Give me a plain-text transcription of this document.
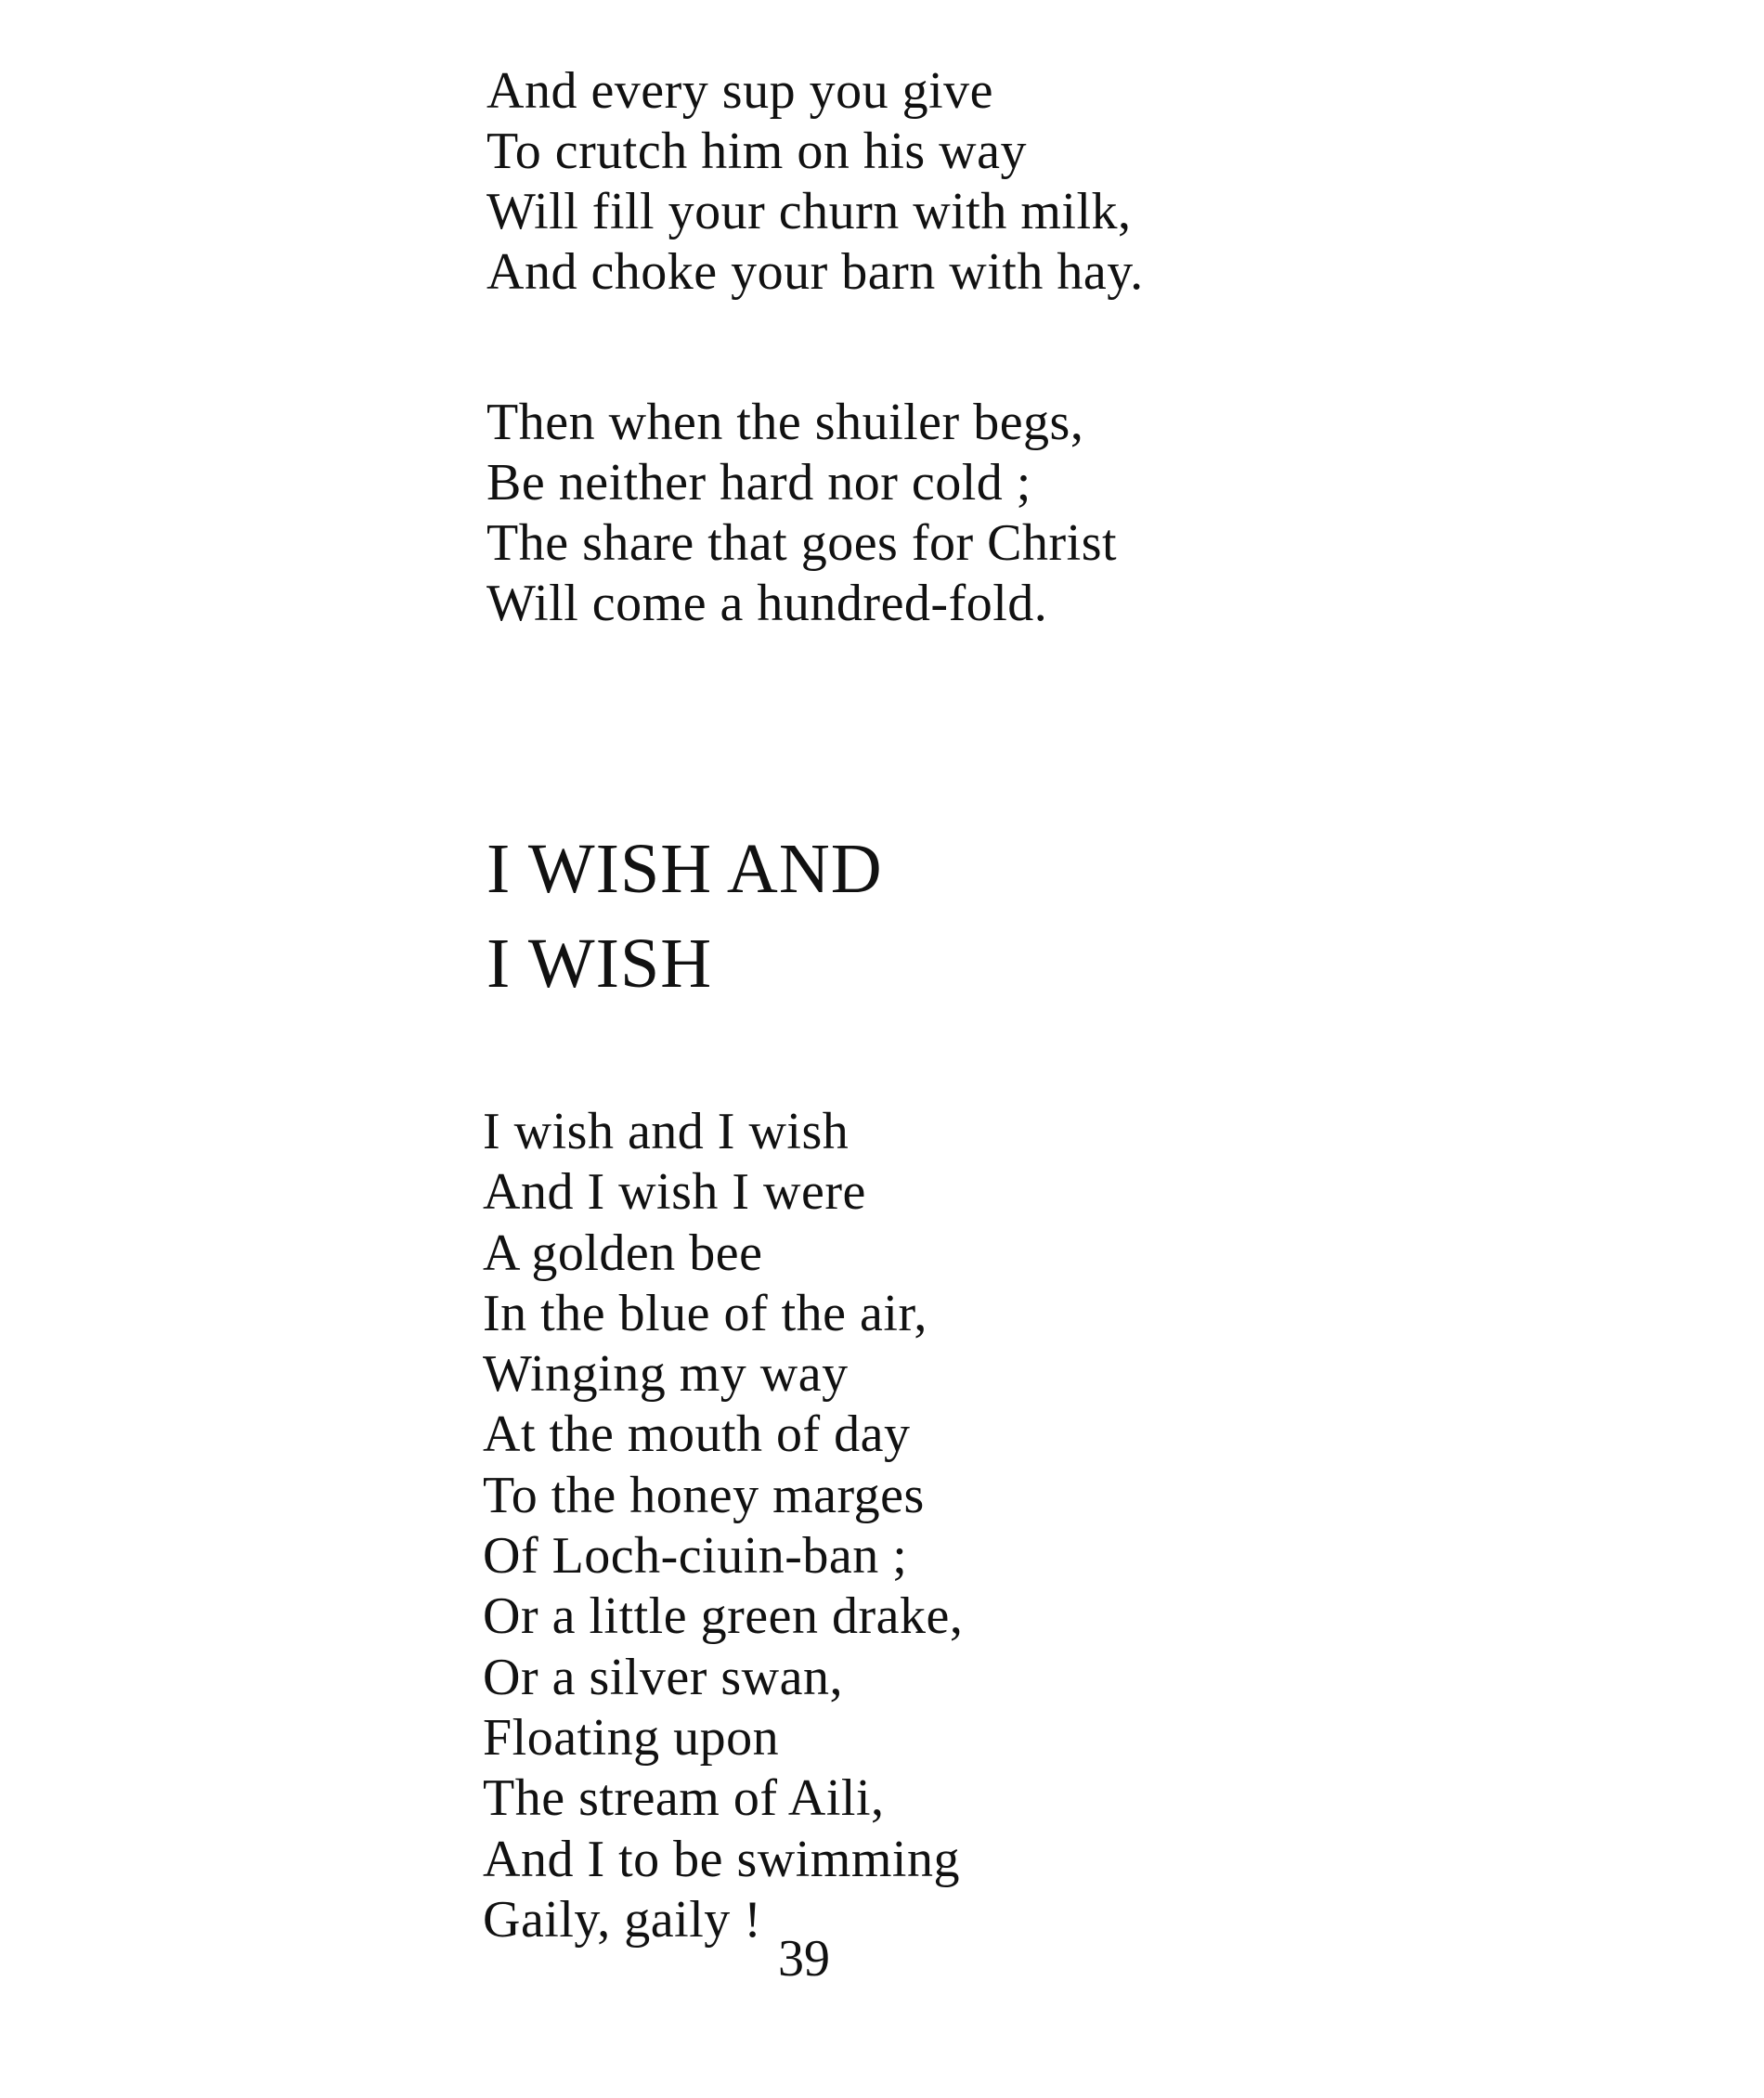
And every sup you give
To crutch him on his way
Will fill your churn with milk,
And choke your barn with hay.
Then when the shuiler begs,
Be neither hard nor cold ;
The share that goes for Christ
Will come a hundred-fold.
I WISH AND
I WISH
I wish and I wish
And I wish I were
A golden bee
In the blue of the air,
Winging my way
At the mouth of day
To the honey marges
Of Loch-ciuin-ban ;
Or a little green drake,
Or a silver swan,
Floating upon
The stream of Aili,
And I to be swimming
Gaily, gaily !
39
